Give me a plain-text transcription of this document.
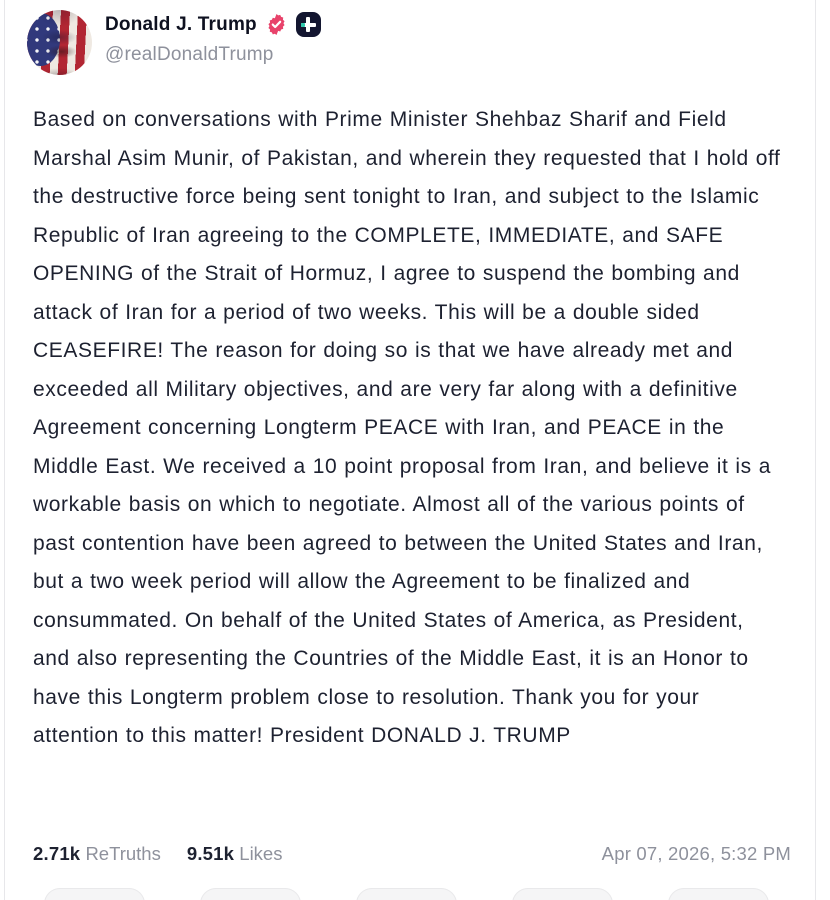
Donald J. Trump
@realDonaldTrump
Based on conversations with Prime Minister Shehbaz Sharif and Field Marshal Asim Munir, of Pakistan, and wherein they requested that I hold off the destructive force being sent tonight to Iran, and subject to the Islamic Republic of Iran agreeing to the COMPLETE, IMMEDIATE, and SAFE OPENING of the Strait of Hormuz, I agree to suspend the bombing and attack of Iran for a period of two weeks. This will be a double sided CEASEFIRE! The reason for doing so is that we have already met and exceeded all Military objectives, and are very far along with a definitive Agreement concerning Longterm PEACE with Iran, and PEACE in the Middle East. We received a 10 point proposal from Iran, and believe it is a workable basis on which to negotiate. Almost all of the various points of past contention have been agreed to between the United States and Iran, but a two week period will allow the Agreement to be finalized and consummated. On behalf of the United States of America, as President, and also representing the Countries of the Middle East, it is an Honor to have this Longterm problem close to resolution. Thank you for your attention to this matter! President DONALD J. TRUMP
2.71k ReTruths 9.51k Likes	Apr 07, 2026, 5:32 PM
